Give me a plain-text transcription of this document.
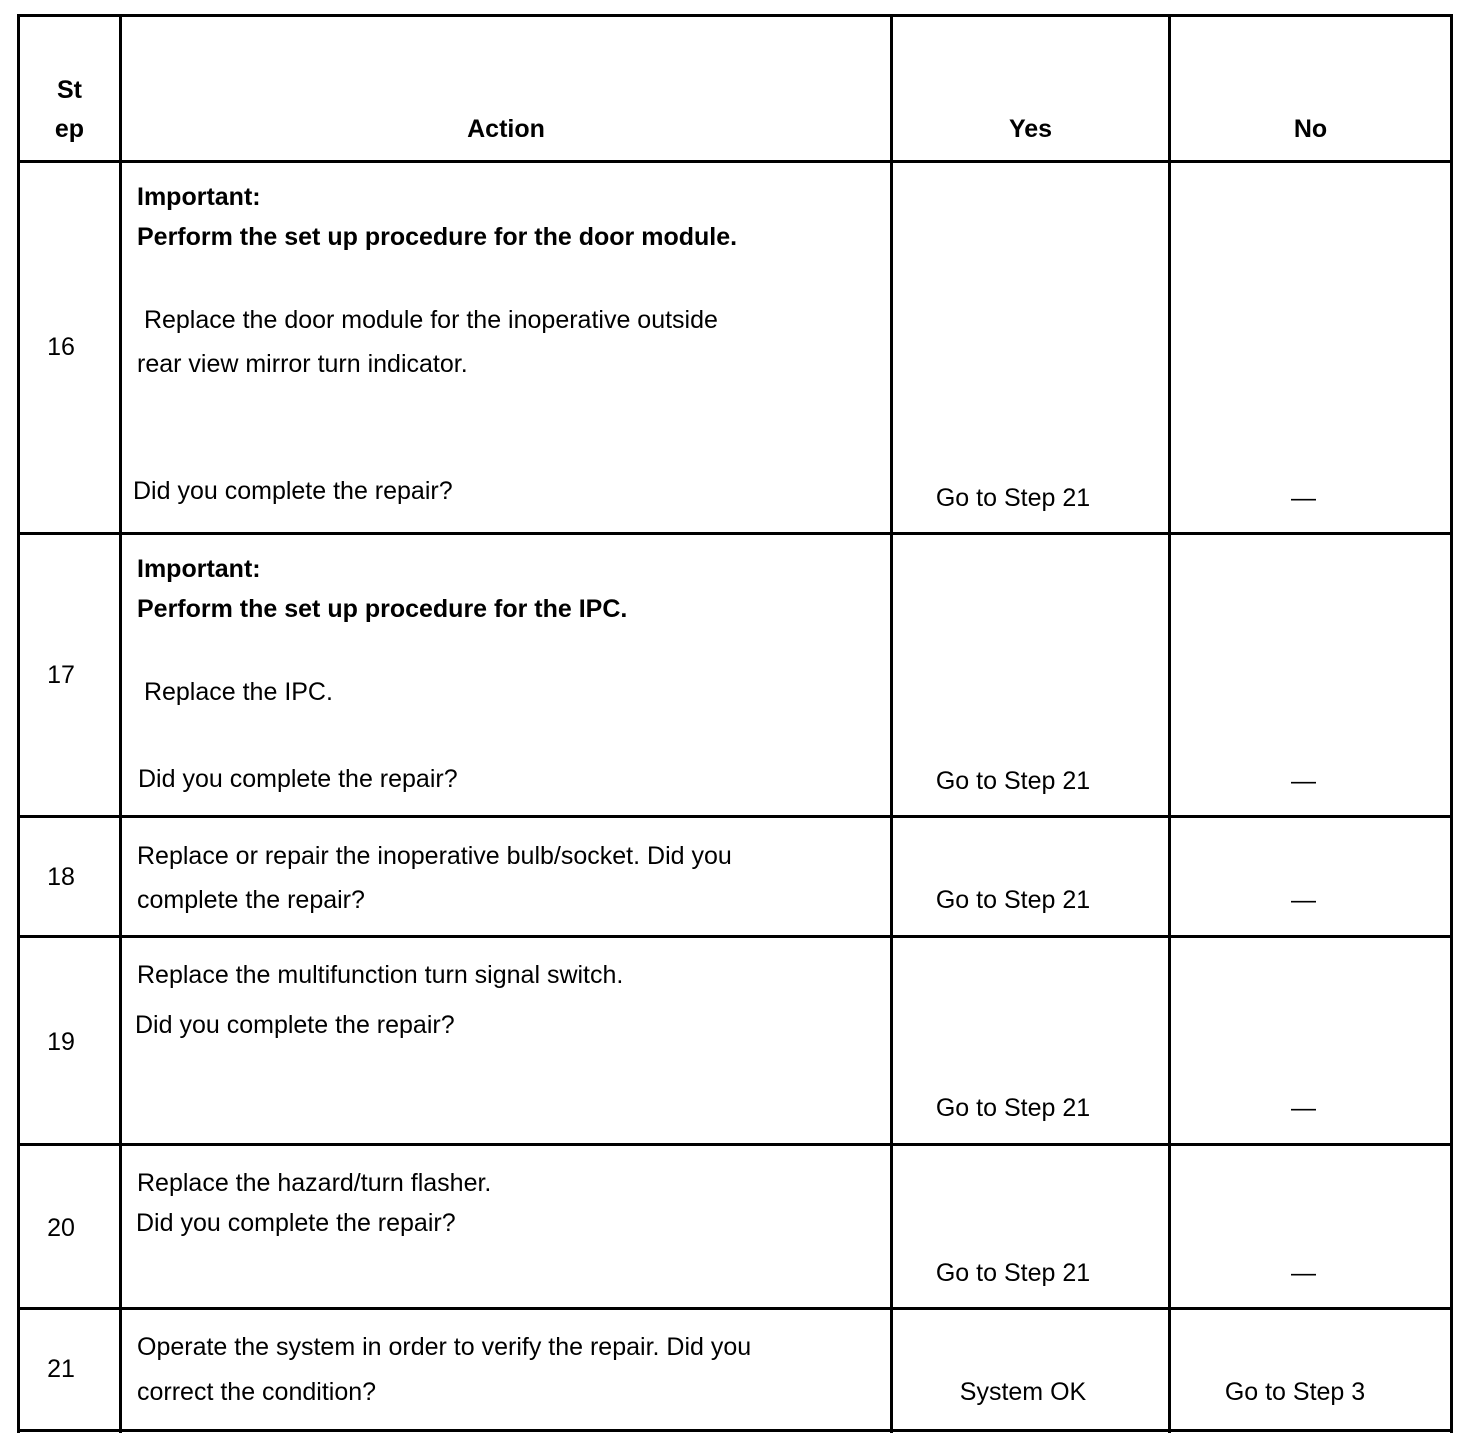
St
ep	Action	Yes	No
16
Important:
Perform the set up procedure for the door module.
Replace the door module for the inoperative outside
rear view mirror turn indicator.
Did you complete the repair?	Go to Step 21	—
17
Important:
Perform the set up procedure for the IPC.
Replace the IPC.
Did you complete the repair?	Go to Step 21	—
18
Replace or repair the inoperative bulb/socket. Did you
complete the repair?	Go to Step 21	—
19
Replace the multifunction turn signal switch.
Did you complete the repair?
Go to Step 21	—
20
Replace the hazard/turn flasher.
Did you complete the repair?
Go to Step 21	—
21
Operate the system in order to verify the repair. Did you
correct the condition?	System OK	Go to Step 3
